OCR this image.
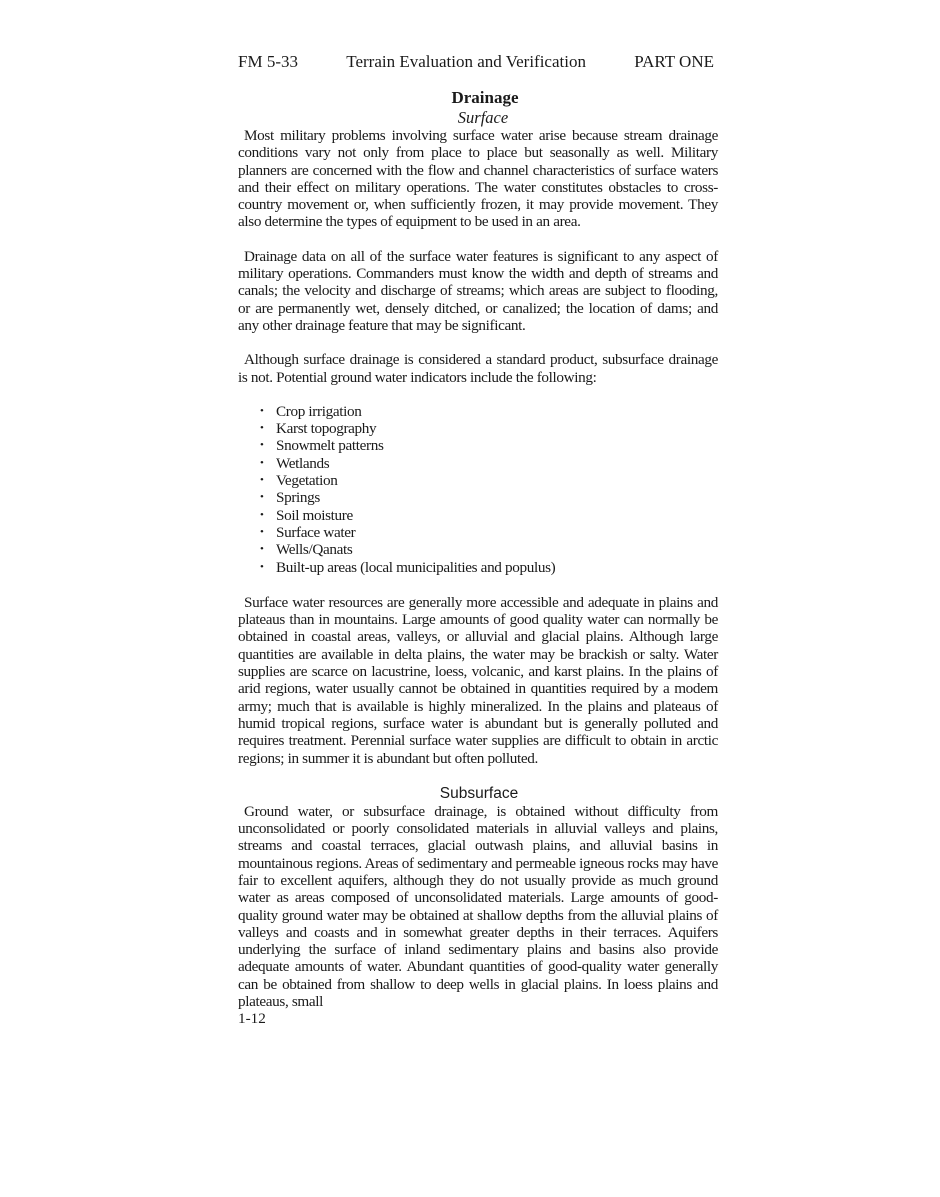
FM 5-33	Terrain Evaluation and Verification	PART ONE
Drainage
Surface

Most military problems involving surface water arise because stream drainage conditions vary not only from place to place but seasonally as well. Military planners are concerned with the flow and channel characteristics of surface waters and their effect on military operations. The water constitutes obstacles to cross-country movement or, when sufficiently frozen, it may provide movement. They also determine the types of equipment to be used in an area.

Drainage data on all of the surface water features is significant to any aspect of military operations. Commanders must know the width and depth of streams and canals; the velocity and discharge of streams; which areas are subject to flooding, or are permanently wet, densely ditched, or canalized; the location of dams; and any other drainage feature that may be significant.

Although surface drainage is considered a standard product, subsurface drainage is not. Potential ground water indicators include the following:

• Crop irrigation
• Karst topography
• Snowmelt patterns
• Wetlands
• Vegetation
• Springs
• Soil moisture
• Surface water
• Wells/Qanats
• Built-up areas (local municipalities and populus)

Surface water resources are generally more accessible and adequate in plains and plateaus than in mountains. Large amounts of good quality water can normally be obtained in coastal areas, valleys, or alluvial and glacial plains. Although large quantities are available in delta plains, the water may be brackish or salty. Water supplies are scarce on lacustrine, loess, volcanic, and karst plains. In the plains of arid regions, water usually cannot be obtained in quantities required by a modem army; much that is available is highly mineralized. In the plains and plateaus of humid tropical regions, surface water is abundant but is generally polluted and requires treatment. Perennial surface water supplies are difficult to obtain in arctic regions; in summer it is abundant but often polluted.

Subsurface

Ground water, or subsurface drainage, is obtained without difficulty from unconsolidated or poorly consolidated materials in alluvial valleys and plains, streams and coastal terraces, glacial outwash plains, and alluvial basins in mountainous regions. Areas of sedimentary and permeable igneous rocks may have fair to excellent aquifers, although they do not usually provide as much ground water as areas composed of unconsolidated materials. Large amounts of good-quality ground water may be obtained at shallow depths from the alluvial plains of valleys and coasts and in somewhat greater depths in their terraces. Aquifers underlying the surface of inland sedimentary plains and basins also provide adequate amounts of water. Abundant quantities of good-quality water generally can be obtained from shallow to deep wells in glacial plains. In loess plains and plateaus, small

1-12
